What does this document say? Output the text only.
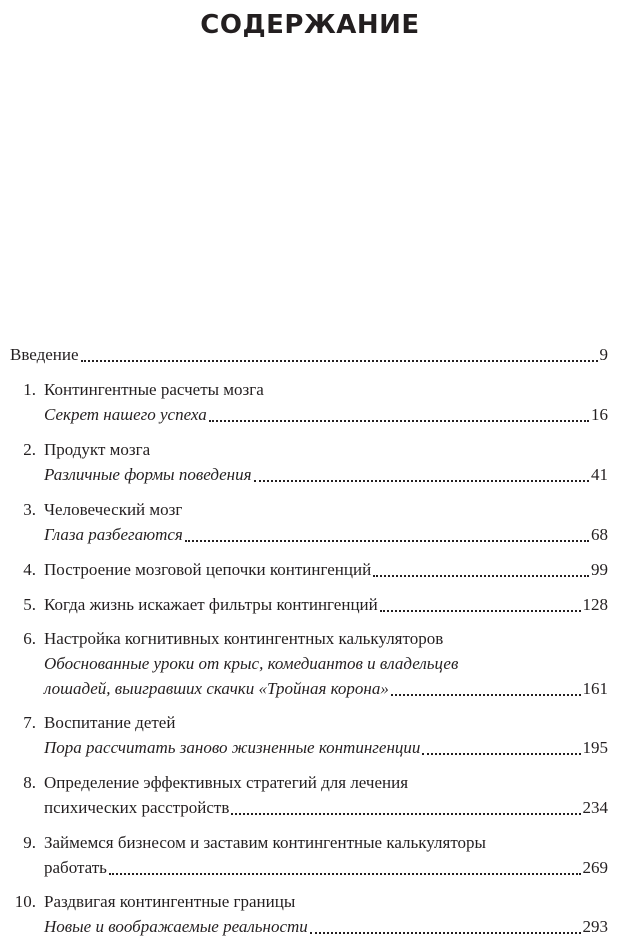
СОДЕРЖАНИЕ
Введение	9
1. Контингентные расчеты мозга
Секрет нашего успеха	16
2. Продукт мозга
Различные формы поведения	41
3. Человеческий мозг
Глаза разбегаются	68
4. Построение мозговой цепочки контингенций	99
5. Когда жизнь искажает фильтры контингенций	128
6. Настройка когнитивных контингентных калькуляторов
Обоснованные уроки от крыс, комедиантов и владельцев
лошадей, выигравших скачки «Тройная корона»	161
7. Воспитание детей
Пора рассчитать заново жизненные контингенции	195
8. Определение эффективных стратегий для лечения
психических расстройств	234
9. Займемся бизнесом и заставим контингентные калькуляторы
работать	269
10. Раздвигая контингентные границы
Новые и воображаемые реальности	293
